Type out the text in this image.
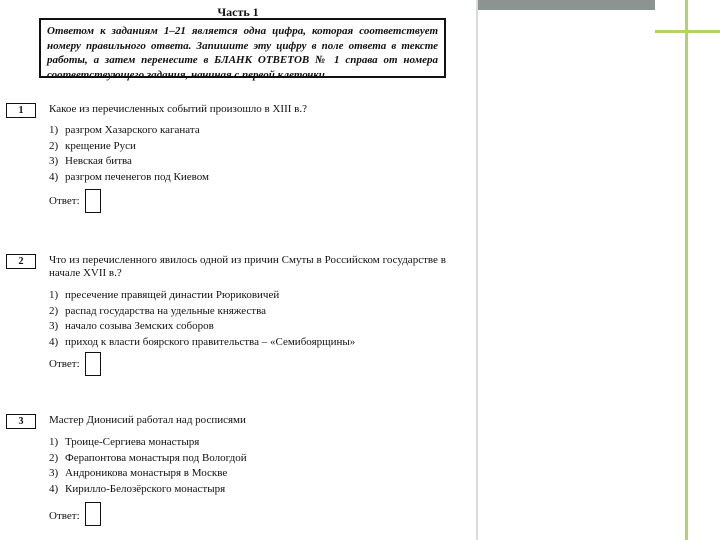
Часть 1
Ответом к заданиям 1–21 является одна цифра, которая соответствует номеру правильного ответа. Запишите эту цифру в поле ответа в тексте работы, а затем перенесите в БЛАНК ОТВЕТОВ № 1 справа от номера соответствующего задания, начиная с первой клеточки.
1	Какое из перечисленных событий произошло в XIII в.?
1) разгром Хазарского каганата
2) крещение Руси
3) Невская битва
4) разгром печенегов под Киевом
Ответ:
2	Что из перечисленного явилось одной из причин Смуты в Российском государстве в начале XVII в.?
1) пресечение правящей династии Рюриковичей
2) распад государства на удельные княжества
3) начало созыва Земских соборов
4) приход к власти боярского правительства – «Семибоярщины»
Ответ:
3	Мастер Дионисий работал над росписями
1) Троице-Сергиева монастыря
2) Ферапонтова монастыря под Вологдой
3) Андроникова монастыря в Москве
4) Кирилло-Белозёрского монастыря
Ответ:
